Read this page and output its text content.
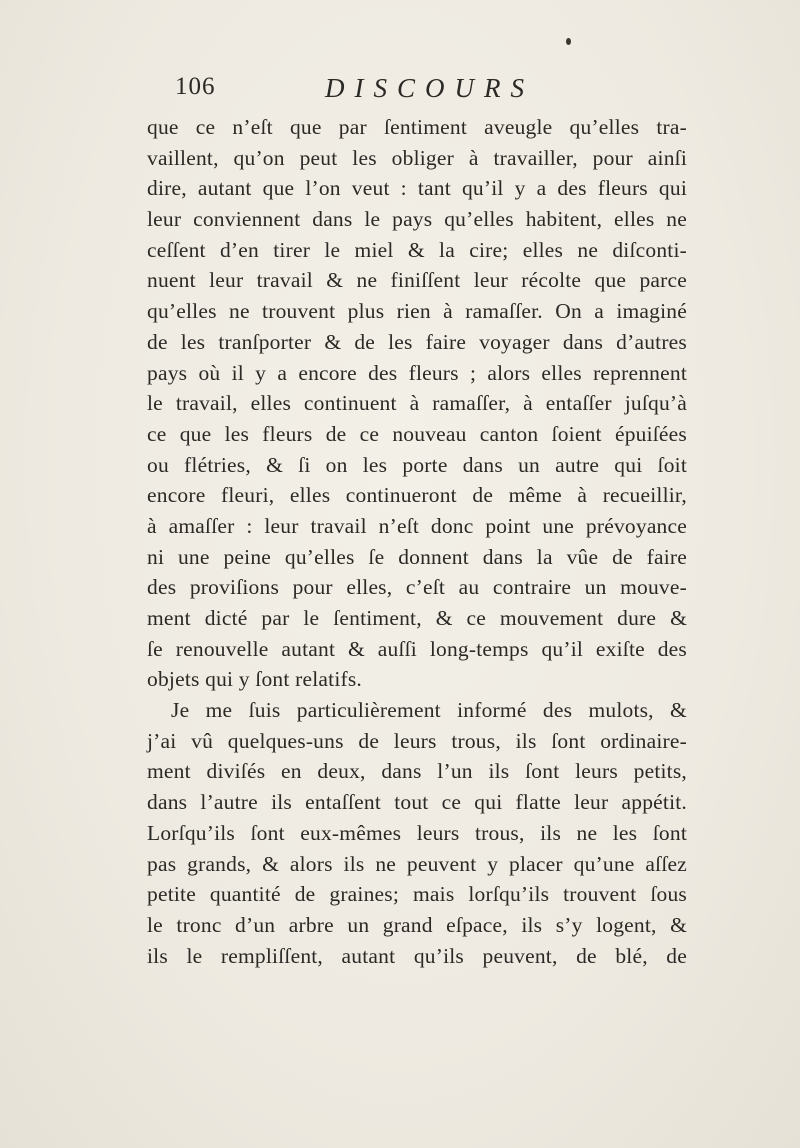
106	DISCOURS
que ce n’eſt que par ſentiment aveugle qu’elles tra-
vaillent, qu’on peut les obliger à travailler, pour ainſi
dire, autant que l’on veut : tant qu’il y a des fleurs qui
leur conviennent dans le pays qu’elles habitent, elles ne
ceſſent d’en tirer le miel & la cire; elles ne diſconti-
nuent leur travail & ne finiſſent leur récolte que parce
qu’elles ne trouvent plus rien à ramaſſer. On a imaginé
de les tranſporter & de les faire voyager dans d’autres
pays où il y a encore des fleurs ; alors elles reprennent
le travail, elles continuent à ramaſſer, à entaſſer juſqu’à
ce que les fleurs de ce nouveau canton ſoient épuiſées
ou flétries, & ſi on les porte dans un autre qui ſoit
encore fleuri, elles continueront de même à recueillir,
à amaſſer : leur travail n’eſt donc point une prévoyance
ni une peine qu’elles ſe donnent dans la vûe de faire
des proviſions pour elles, c’eſt au contraire un mouve-
ment dicté par le ſentiment, & ce mouvement dure &
ſe renouvelle autant & auſſi long-temps qu’il exiſte des
objets qui y ſont relatifs.
Je me ſuis particulièrement informé des mulots, &
j’ai vû quelques-uns de leurs trous, ils ſont ordinaire-
ment diviſés en deux, dans l’un ils ſont leurs petits,
dans l’autre ils entaſſent tout ce qui flatte leur appétit.
Lorſqu’ils ſont eux-mêmes leurs trous, ils ne les ſont
pas grands, & alors ils ne peuvent y placer qu’une aſſez
petite quantité de graines; mais lorſqu’ils trouvent ſous
le tronc d’un arbre un grand eſpace, ils s’y logent, &
ils le rempliſſent, autant qu’ils peuvent, de blé, de
